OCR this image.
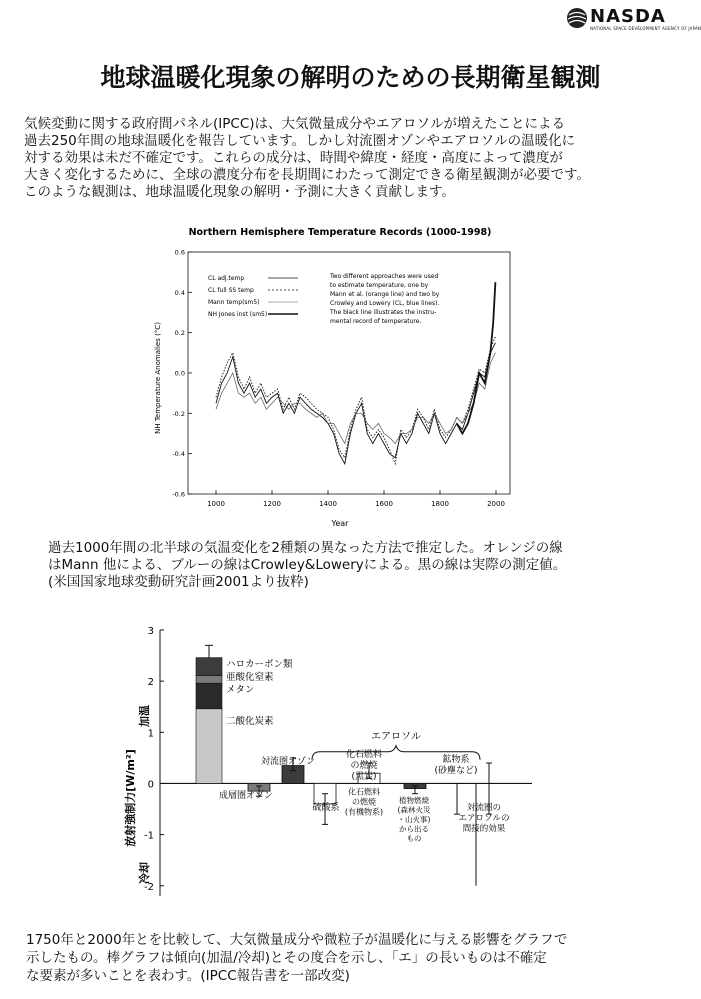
NASDA
NATIONAL SPACE DEVELOPMENT AGENCY OF JAPAN
地球温暖化現象の解明のための長期衛星観測
気候変動に関する政府間パネル(IPCC)は、大気微量成分やエアロソルが増えたことによる
過去250年間の地球温暖化を報告しています。しかし対流圏オゾンやエアロソルの温暖化に
対する効果は未だ不確定です。これらの成分は、時間や緯度・経度・高度によって濃度が
大きく変化するために、全球の濃度分布を長期間にわたって測定できる衛星観測が必要です。
このような観測は、地球温暖化現象の解明・予測に大きく貢献します。
Northern Hemisphere Temperature Records (1000-1998)
1000	1200	1400	1600	1800	2000
-0.6
-0.4
-0.2
0.0
0.2
0.4
0.6
Year
NH Temperature Anomalies (°C)
CL adj.temp
CL full SS temp
Mann temp(sm5)
NH Jones inst (sm5)
Two different approaches were used
to estimate temperature, one by
Mann et al. (orange line) and two by
Crowley and Lowery (CL, blue lines).
The black line illustrates the instru-
mental record of temperature.
過去1000年間の北半球の気温変化を2種類の異なった方法で推定した。オレンジの線
はMann 他による、ブルーの線はCrowley&Loweryによる。黒の線は実際の測定値。
(米国国家地球変動研究計画2001より抜粋)
3
2
1
0
-1
-2
ハロカーボン類
亜酸化窒素
メタン
二酸化炭素
エアロソル
成層圏オゾン
対流圏オゾン
硫酸系
化石燃料
の燃焼
(黒炭)
化石燃料
の燃焼
(有機物系)
植物燃焼
(森林火災
・山火事)
から出る
もの
鉱物系
(砂塵など)
対流圏の
エアロソルの
間接的効果
冷却
放射強制力[W/m²]
加温
1750年と2000年とを比較して、大気微量成分や微粒子が温暖化に与える影響をグラフで
示したもの。棒グラフは傾向(加温/冷却)とその度合を示し、「エ」の長いものは不確定
な要素が多いことを表わす。(IPCC報告書を一部改変)
